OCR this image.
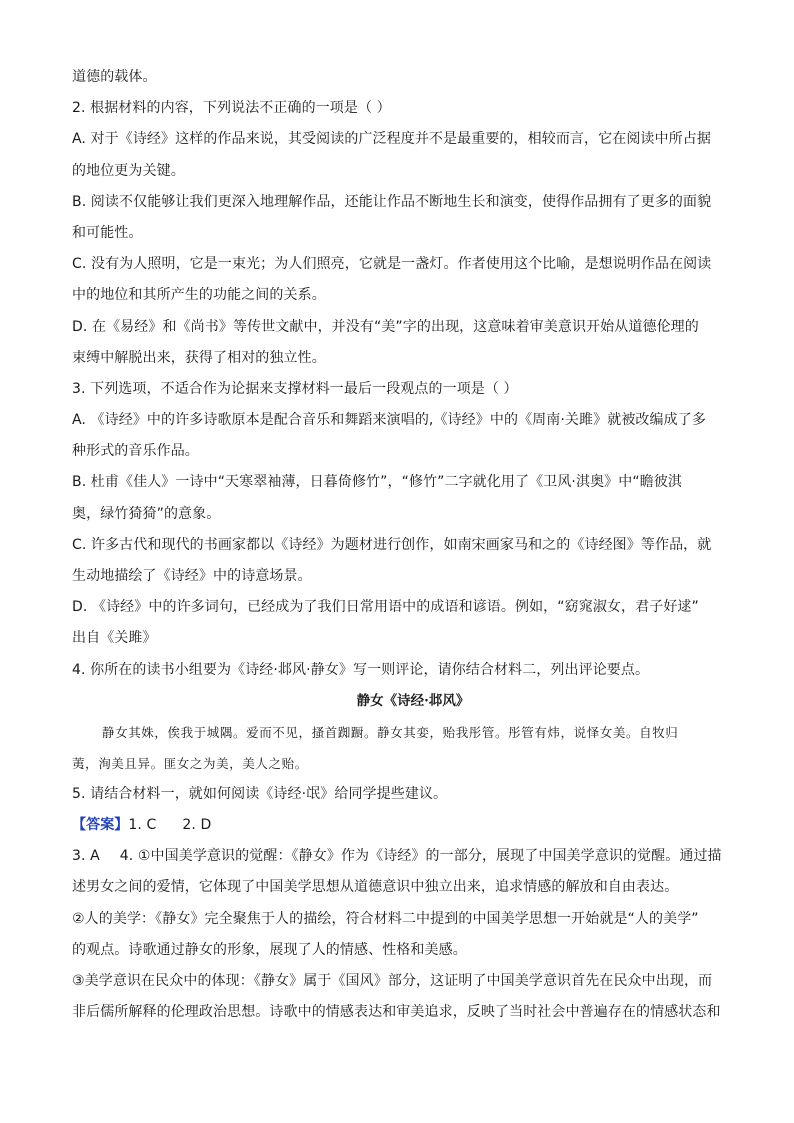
道德的载体。
2. 根据材料的内容，下列说法不正确的一项是（ ）
A. 对于《诗经》这样的作品来说，其受阅读的广泛程度并不是最重要的，相较而言，它在阅读中所占据
的地位更为关键。
B. 阅读不仅能够让我们更深入地理解作品，还能让作品不断地生长和演变，使得作品拥有了更多的面貌
和可能性。
C. 没有为人照明，它是一束光；为人们照亮，它就是一盏灯。作者使用这个比喻，是想说明作品在阅读
中的地位和其所产生的功能之间的关系。
D. 在《易经》和《尚书》等传世文献中，并没有“美”字的出现，这意味着审美意识开始从道德伦理的
束缚中解脱出来，获得了相对的独立性。
3. 下列选项，不适合作为论据来支撑材料一最后一段观点的一项是（ ）
A. 《诗经》中的许多诗歌原本是配合音乐和舞蹈来演唱的,《诗经》中的《周南·关雎》就被改编成了多
种形式的音乐作品。
B. 杜甫《佳人》一诗中“天寒翠袖薄，日暮倚修竹”，“修竹”二字就化用了《卫风·淇奥》中“瞻彼淇
奥，绿竹猗猗”的意象。
C. 许多古代和现代的书画家都以《诗经》为题材进行创作，如南宋画家马和之的《诗经图》等作品，就
生动地描绘了《诗经》中的诗意场景。
D. 《诗经》中的许多词句，已经成为了我们日常用语中的成语和谚语。例如，“窈窕淑女，君子好逑”
出自《关雎》
4. 你所在的读书小组要为《诗经·邶风·静女》写一则评论，请你结合材料二，列出评论要点。
静女《诗经·邶风》
静女其姝，俟我于城隅。爱而不见，搔首踟蹰。静女其娈，贻我彤管。彤管有炜，说怿女美。自牧归
荑，洵美且异。匪女之为美，美人之贻。
5. 请结合材料一，就如何阅读《诗经·氓》给同学提些建议。
【答案】1. C 2. D
3. A 4. ①中国美学意识的觉醒：《静女》作为《诗经》的一部分，展现了中国美学意识的觉醒。通过描
述男女之间的爱情，它体现了中国美学思想从道德意识中独立出来，追求情感的解放和自由表达。
②人的美学：《静女》完全聚焦于人的描绘，符合材料二中提到的中国美学思想一开始就是“人的美学”
的观点。诗歌通过静女的形象，展现了人的情感、性格和美感。
③美学意识在民众中的体现：《静女》属于《国风》部分，这证明了中国美学意识首先在民众中出现，而
非后儒所解释的伦理政治思想。诗歌中的情感表达和审美追求，反映了当时社会中普遍存在的情感状态和
